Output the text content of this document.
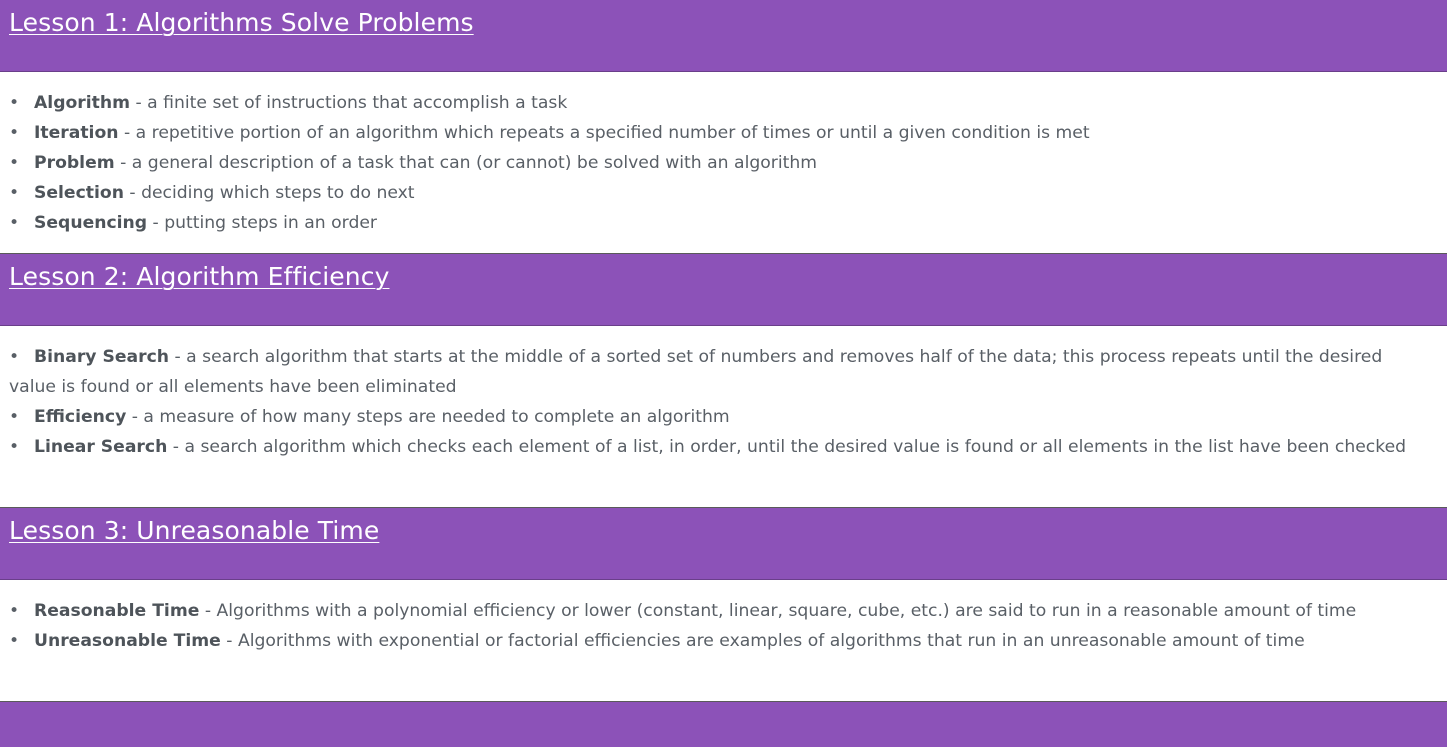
Lesson 1: Algorithms Solve Problems
• Algorithm - a finite set of instructions that accomplish a task
• Iteration - a repetitive portion of an algorithm which repeats a specified number of times or until a given condition is met
• Problem - a general description of a task that can (or cannot) be solved with an algorithm
• Selection - deciding which steps to do next
• Sequencing - putting steps in an order
Lesson 2: Algorithm Efficiency
• Binary Search - a search algorithm that starts at the middle of a sorted set of numbers and removes half of the data; this process repeats until the desired value is found or all elements have been eliminated
• Efficiency - a measure of how many steps are needed to complete an algorithm
• Linear Search - a search algorithm which checks each element of a list, in order, until the desired value is found or all elements in the list have been checked
Lesson 3: Unreasonable Time
• Reasonable Time - Algorithms with a polynomial efficiency or lower (constant, linear, square, cube, etc.) are said to run in a reasonable amount of time
• Unreasonable Time - Algorithms with exponential or factorial efficiencies are examples of algorithms that run in an unreasonable amount of time
